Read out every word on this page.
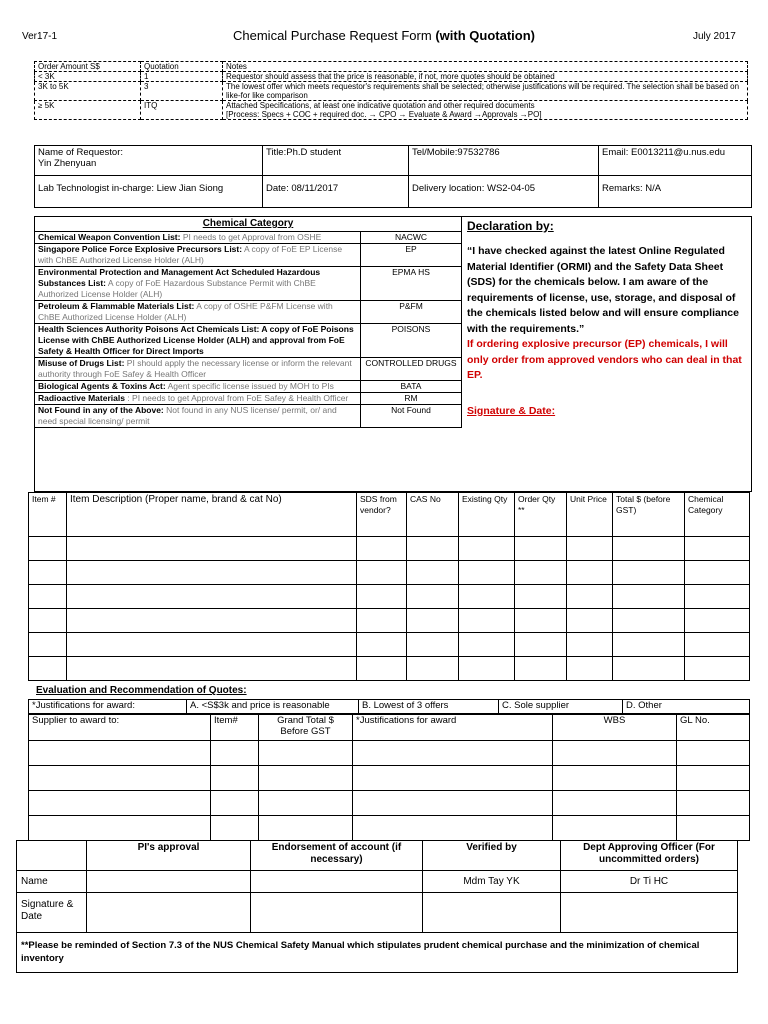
Ver17-1	Chemical Purchase Request Form (with Quotation)	July 2017
Order Amount S$	Quotation	Notes
< 3K	1	Requestor should assess that the price is reasonable, if not, more quotes should be obtained
3K to 5K	3	The lowest offer which meets requestor's requirements shall be selected; otherwise justifications will be required. The selection shall be based on like-for like comparison
≥ 5K	ITQ	Attached Specifications, at least one indicative quotation and other required documents
[Process: Specs + COC + required doc. → CPO → Evaluate & Award →Approvals →PO]
Name of Requestor:
Yin Zhenyuan	Title:Ph.D student	Tel/Mobile:97532786	Email: E0013211@u.nus.edu
Lab Technologist in-charge: Liew Jian Siong	Date: 08/11/2017	Delivery location: WS2-04-05	Remarks: N/A
Chemical Category	
Chemical Weapon Convention List: PI needs to get Approval from OSHE	NACWC
Singapore Police Force Explosive Precursors List: A copy of FoE EP License with ChBE Authorized License Holder (ALH)	EP
Environmental Protection and Management Act Scheduled Hazardous Substances List: A copy of FoE Hazardous Substance Permit with ChBE Authorized License Holder (ALH)	EPMA HS
Petroleum & Flammable Materials List: A copy of OSHE P&FM License with ChBE Authorized License Holder (ALH)	P&FM
Health Sciences Authority Poisons Act Chemicals List: A copy of FoE Poisons License with ChBE Authorized License Holder (ALH) and approval from FoE Safety & Health Officer for Direct Imports	POISONS
Misuse of Drugs List: PI should apply the necessary license or inform the relevant authority through FoE Safey & Health Officer	CONTROLLED DRUGS
Biological Agents & Toxins Act: Agent specific license issued by MOH to PIs	BATA
Radioactive Materials : PI needs to get Approval from FoE Safey & Health Officer	RM
Not Found in any of the Above: Not found in any NUS license/ permit, or/ and need special licensing/ permit	Not Found
Declaration by:
“I have checked against the latest Online Regulated Material Identifier (ORMI) and the Safety Data Sheet (SDS) for the chemicals below. I am aware of the requirements of license, use, storage, and disposal of the chemicals listed below and will ensure compliance with the requirements.”
If ordering explosive precursor (EP) chemicals, I will only order from approved vendors who can deal in that EP.
Signature & Date:
Item #	Item Description (Proper name, brand & cat No)	SDS from vendor?	CAS No	Existing Qty	Order Qty **	Unit Price	Total $ (before GST)	Chemical Category

Evaluation and Recommendation of Quotes:
*Justifications for award:	A. <S$3k and price is reasonable	B. Lowest of 3 offers	C. Sole supplier	D. Other
Supplier to award to:	Item#	Grand Total $ Before GST	*Justifications for award	WBS	GL No.

	PI's approval	Endorsement of account (if necessary)	Verified by	Dept Approving Officer (For uncommitted orders)
Name			Mdm Tay YK	Dr Ti HC
Signature & Date				
**Please be reminded of Section 7.3 of the NUS Chemical Safety Manual which stipulates prudent chemical purchase and the minimization of chemical inventory				
